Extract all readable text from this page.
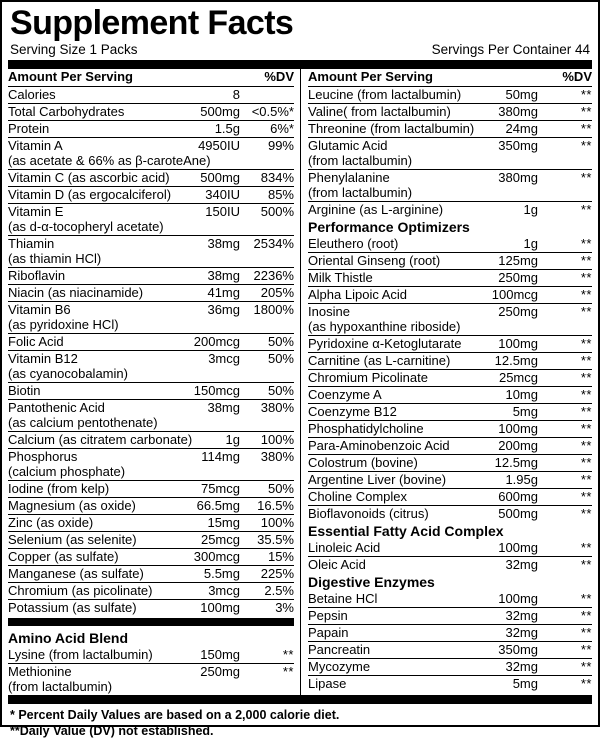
Supplement Facts
Serving Size 1 Packs	Servings Per Container 44
Amount Per Serving		%DV
Calories	8	
Total Carbohydrates	500mg	<0.5%*
Protein	1.5g	6%*
Vitamin A	4950IU	99%
(as acetate & 66% as β-caroteAne)		
Vitamin C (as ascorbic acid)	500mg	834%
Vitamin D (as ergocalciferol)	340IU	85%
Vitamin E	150IU	500%
(as d-α-tocopheryl acetate)		
Thiamin	38mg	2534%
(as thiamin HCl)		
Riboflavin	38mg	2236%
Niacin (as niacinamide)	41mg	205%
Vitamin B6	36mg	1800%
(as pyridoxine HCl)		
Folic Acid	200mcg	50%
Vitamin B12	3mcg	50%
(as cyanocobalamin)		
Biotin	150mcg	50%
Pantothenic Acid	38mg	380%
(as calcium pentothenate)		
Calcium (as citratem carbonate)	1g	100%
Phosphorus	114mg	380%
(calcium phosphate)		
Iodine (from kelp)	75mcg	50%
Magnesium (as oxide)	66.5mg	16.5%
Zinc (as oxide)	15mg	100%
Selenium (as selenite)	25mcg	35.5%
Copper (as sulfate)	300mcg	15%
Manganese (as sulfate)	5.5mg	225%
Chromium (as picolinate)	3mcg	2.5%
Potassium (as sulfate)	100mg	3%

Amino Acid Blend		
Lysine (from lactalbumin)	150mg	**
Methionine	250mg	**
(from lactalbumin)		
Amount Per Serving		%DV
Leucine (from lactalbumin)	50mg	**
Valine( from lactalbumin)	380mg	**
Threonine (from lactalbumin)	24mg	**
Glutamic Acid	350mg	**
(from lactalbumin)		
Phenylalanine	380mg	**
(from lactalbumin)		
Arginine (as L-arginine)	1g	**
Performance Optimizers		
Eleuthero (root)	1g	**
Oriental Ginseng (root)	125mg	**
Milk Thistle	250mg	**
Alpha Lipoic Acid	100mcg	**
Inosine	250mg	**
(as hypoxanthine riboside)		
Pyridoxine α-Ketoglutarate	100mg	**
Carnitine (as L-carnitine)	12.5mg	**
Chromium Picolinate	25mcg	**
Coenzyme A	10mg	**
Coenzyme B12	5mg	**
Phosphatidylcholine	100mg	**
Para-Aminobenzoic Acid	200mg	**
Colostrum (bovine)	12.5mg	**
Argentine Liver (bovine)	1.95g	**
Choline Complex	600mg	**
Bioflavonoids (citrus)	500mg	**
Essential Fatty Acid Complex		
Linoleic Acid	100mg	**
Oleic Acid	32mg	**
Digestive Enzymes		
Betaine HCl	100mg	**
Pepsin	32mg	**
Papain	32mg	**
Pancreatin	350mg	**
Mycozyme	32mg	**
Lipase	5mg	**
* Percent Daily Values are based on a 2,000 calorie diet.
**Daily Value (DV) not established.
